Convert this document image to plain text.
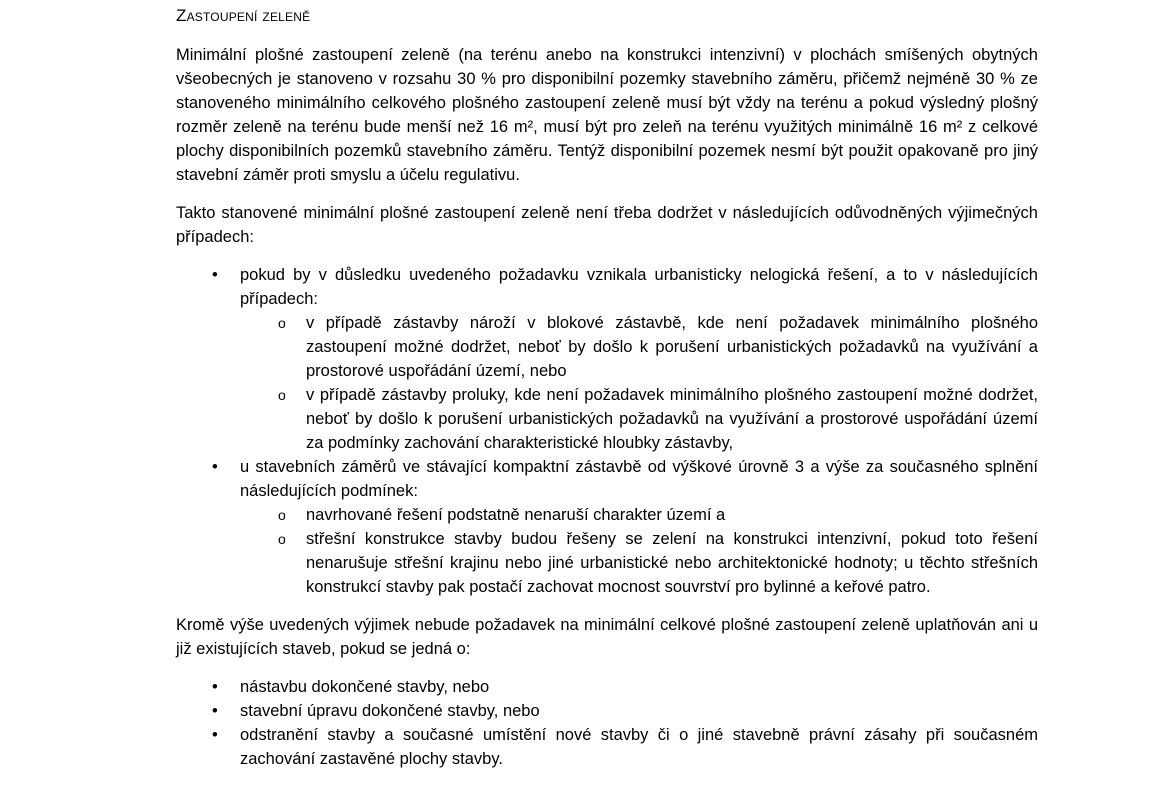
Zastoupení zeleně

Minimální plošné zastoupení zeleně (na terénu anebo na konstrukci intenzivní) v plochách smíšených obytných všeobecných je stanoveno v rozsahu 30 % pro disponibilní pozemky stavebního záměru, přičemž nejméně 30 % ze stanoveného minimálního celkového plošného zastoupení zeleně musí být vždy na terénu a pokud výsledný plošný rozměr zeleně na terénu bude menší než 16 m², musí být pro zeleň na terénu využitých minimálně 16 m² z celkové plochy disponibilních pozemků stavebního záměru. Tentýž disponibilní pozemek nesmí být použit opakovaně pro jiný stavební záměr proti smyslu a účelu regulativu.

Takto stanovené minimální plošné zastoupení zeleně není třeba dodržet v následujících odůvodněných výjimečných případech:

• pokud by v důsledku uvedeného požadavku vznikala urbanisticky nelogická řešení, a to v následujících případech:
o v případě zástavby nároží v blokové zástavbě, kde není požadavek minimálního plošného zastoupení možné dodržet, neboť by došlo k porušení urbanistických požadavků na využívání a prostorové uspořádání území, nebo
o v případě zástavby proluky, kde není požadavek minimálního plošného zastoupení možné dodržet, neboť by došlo k porušení urbanistických požadavků na využívání a prostorové uspořádání území za podmínky zachování charakteristické hloubky zástavby,
• u stavebních záměrů ve stávající kompaktní zástavbě od výškové úrovně 3 a výše za současného splnění následujících podmínek:
o navrhované řešení podstatně nenaruší charakter území a
o střešní konstrukce stavby budou řešeny se zelení na konstrukci intenzivní, pokud toto řešení nenarušuje střešní krajinu nebo jiné urbanistické nebo architektonické hodnoty; u těchto střešních konstrukcí stavby pak postačí zachovat mocnost souvrství pro bylinné a keřové patro.

Kromě výše uvedených výjimek nebude požadavek na minimální celkové plošné zastoupení zeleně uplatňován ani u již existujících staveb, pokud se jedná o:

• nástavbu dokončené stavby, nebo
• stavební úpravu dokončené stavby, nebo
• odstranění stavby a současné umístění nové stavby či o jiné stavebně právní zásahy při současném zachování zastavěné plochy stavby.
